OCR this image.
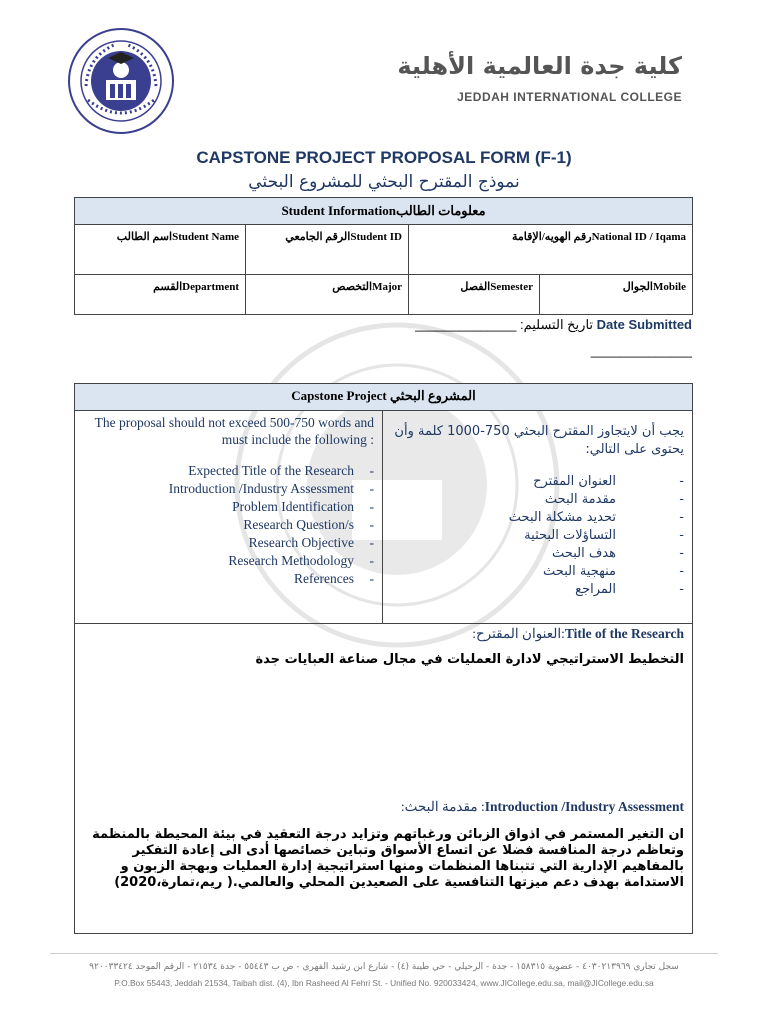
كلية جدة العالمية الأهلية
JEDDAH INTERNATIONAL COLLEGE
CAPSTONE PROJECT PROPOSAL FORM (F-1)
نموذج المقترح البحثي للمشروع البحثي
Student Informationمعلومات الطالب			
Student Nameاسم الطالب	Student IDالرقم الجامعي	National ID / Iqamaرقم الهويه/الإقامة	
Departmentالقسم	Majorالتخصص	Semesterالفصل	Mobileالجوال
Date Submitted تاريخ التسليم: ______________
______________
Capstone Project المشروع البحثي
The proposal should not exceed 500-750 words and must include the following :
Expected Title of the Research	-
Introduction /Industry Assessment	-
Problem Identification	-
Research Question/s	-
Research Objective	-
Research Methodology	-
References	-
يجب أن لايتجاوز المقترح البحثي 750-1000 كلمة وأن يحتوى على التالي:
-
العنوان المقترح
-
مقدمة البحث
-
تحديد مشكلة البحث
-
التساؤلات البحثية
-
هدف البحث
-
منهجية البحث
-
المراجع
Title of the Research:العنوان المقترح:
التخطيط الاستراتيجي لادارة العمليات في مجال صناعة العبايات جدة
Introduction /Industry Assessment: مقدمة البحث:
ان التغير المستمر في اذواق الزبائن ورغباتهم وتزايد درجة التعقيد في بيئة المحيطة بالمنظمة وتعاظم درجة المنافسة فضلا عن اتساع الأسواق وتباين خصائصها أدى الى إعادة التفكير بالمفاهيم الإدارية التي تتبناها المنظمات ومنها استراتيجية إدارة العمليات وبهجة الزبون و الاستدامة بهدف دعم ميزتها التنافسية على الصعيدين المحلي والعالمي.( ريم،تمارة،2020)
سجل تجاري ٤٠٣٠٢١٣٩٦٩ - عضوية ١٥٨٣١٥ - جدة - الرحيلي - حي طيبة (٤) - شارع ابن رشيد الفهري - ص ب ٥٥٤٤٣ - جدة ٢١٥٣٤ - الرقم الموحد ٩٢٠٠٣٣٤٢٤
P.O.Box 55443, Jeddah 21534, Taibah dist. (4), Ibn Rasheed Al Fehri St. - Unified No. 920033424, www.JICollege.edu.sa, mail@JICollege.edu.sa
